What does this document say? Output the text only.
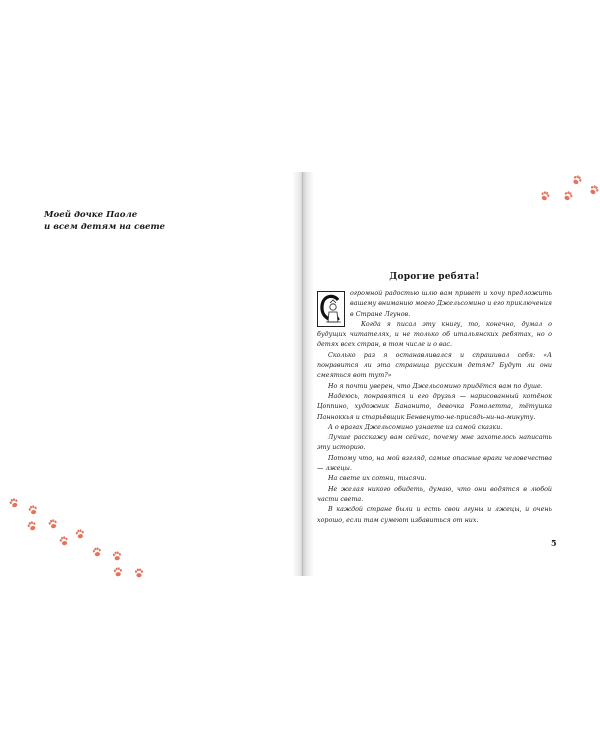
Моей дочке Паоле
и всем детям на свете
Дорогие ребята!

огромной радостью шлю вам привет и хочу предложить вашему вниманию моего Джельсомино и его приключения в Стране Лгунов.

Когда я писал эту книгу, то, конечно, думал о будущих читателях, и не только об итальянских ребятах, но о детях всех стран, в том числе и о вас.

Сколько раз я останавливался и спрашивал себя: «А понравится ли эта страница русским детям? Будут ли они смеяться вот тут?»

Но я почти уверен, что Джельсомино придётся вам по душе.

Надеюсь, понравятся и его друзья — нарисованный котёнок Цоппино, художник Бананито, девочка Ромолетта, тётушка Панноккья и старьёвщик Бенвенуто-не-присядь-ни-на-минуту.

А о врагах Джельсомино узнаете из самой сказки.

Лучше расскажу вам сейчас, почему мне захотелось написать эту историю.

Потому что, на мой взгляд, самые опасные враги человечества — лжецы.

На свете их сотни, тысячи.

Не желая никого обидеть, думаю, что они водятся в любой части света.

В каждой стране были и есть свои лгуны и лжецы, и очень хорошо, если там сумеют избавиться от них.

5
